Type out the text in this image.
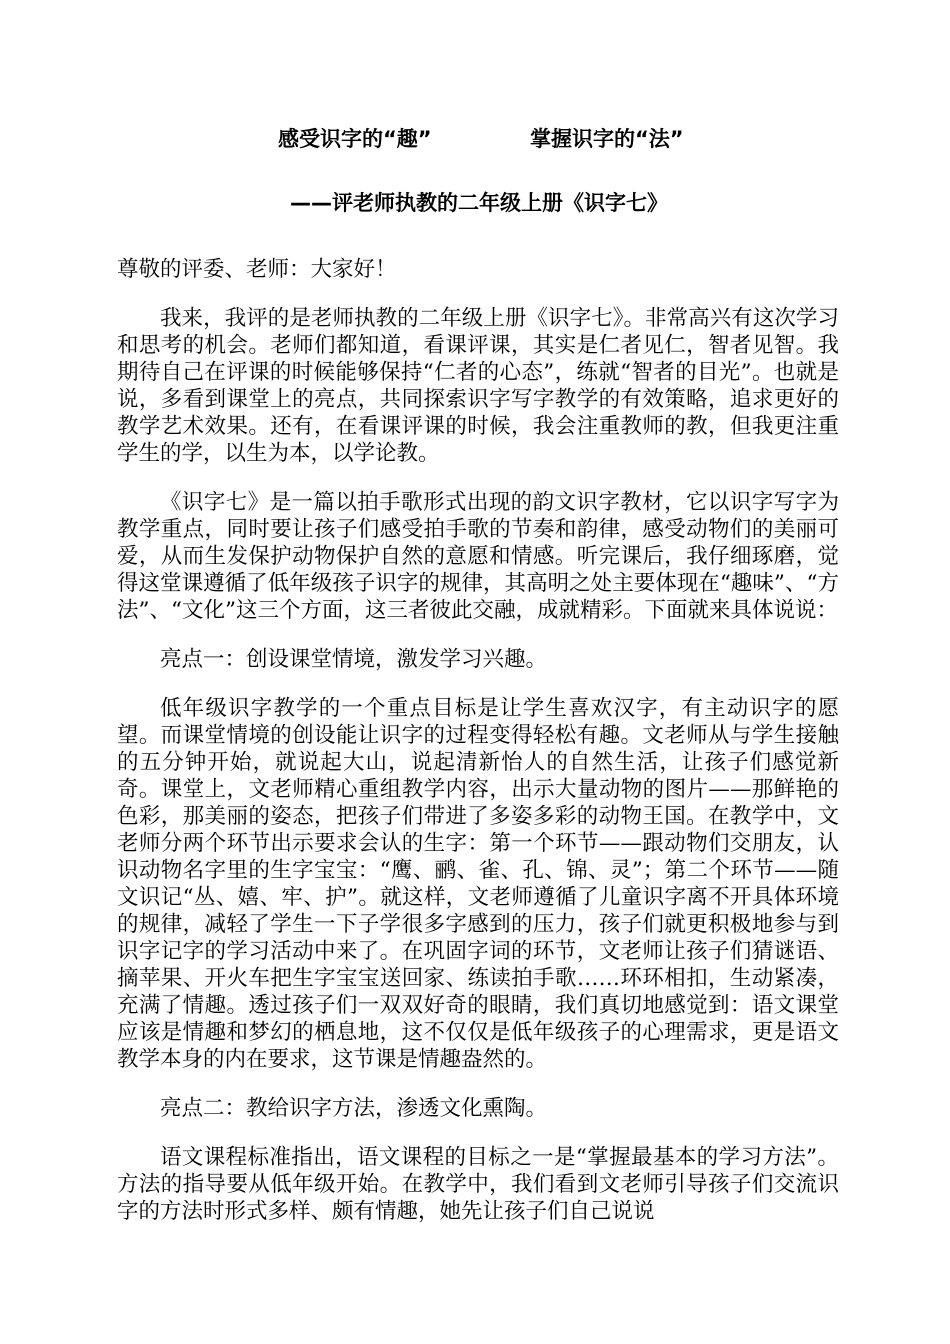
感受识字的“趣”	掌握识字的“法”
——评老师执教的二年级上册《识字七》

尊敬的评委、老师：大家好！

我来，我评的是老师执教的二年级上册《识字七》。非常高兴有这次学习和思考的机会。老师们都知道，看课评课，其实是仁者见仁，智者见智。我期待自己在评课的时候能够保持“仁者的心态”，练就“智者的目光”。也就是说，多看到课堂上的亮点，共同探索识字写字教学的有效策略，追求更好的教学艺术效果。还有，在看课评课的时候，我会注重教师的教，但我更注重学生的学，以生为本，以学论教。

《识字七》是一篇以拍手歌形式出现的韵文识字教材，它以识字写字为教学重点，同时要让孩子们感受拍手歌的节奏和韵律，感受动物们的美丽可爱，从而生发保护动物保护自然的意愿和情感。听完课后，我仔细琢磨，觉得这堂课遵循了低年级孩子识字的规律，其高明之处主要体现在“趣味”、“方法”、“文化”这三个方面，这三者彼此交融，成就精彩。下面就来具体说说：

亮点一：创设课堂情境，激发学习兴趣。

低年级识字教学的一个重点目标是让学生喜欢汉字，有主动识字的愿望。而课堂情境的创设能让识字的过程变得轻松有趣。文老师从与学生接触的五分钟开始，就说起大山，说起清新怡人的自然生活，让孩子们感觉新奇。课堂上，文老师精心重组教学内容，出示大量动物的图片——那鲜艳的色彩，那美丽的姿态，把孩子们带进了多姿多彩的动物王国。在教学中，文老师分两个环节出示要求会认的生字：第一个环节——跟动物们交朋友，认识动物名字里的生字宝宝：“鹰、鹂、雀、孔、锦、灵”；第二个环节——随文识记“丛、嬉、牢、护”。就这样，文老师遵循了儿童识字离不开具体环境的规律，减轻了学生一下子学很多字感到的压力，孩子们就更积极地参与到识字记字的学习活动中来了。在巩固字词的环节，文老师让孩子们猜谜语、摘苹果、开火车把生字宝宝送回家、练读拍手歌……环环相扣，生动紧凑，充满了情趣。透过孩子们一双双好奇的眼睛，我们真切地感觉到：语文课堂应该是情趣和梦幻的栖息地，这不仅仅是低年级孩子的心理需求，更是语文教学本身的内在要求，这节课是情趣盎然的。

亮点二：教给识字方法，渗透文化熏陶。

语文课程标准指出，语文课程的目标之一是“掌握最基本的学习方法”。方法的指导要从低年级开始。在教学中，我们看到文老师引导孩子们交流识字的方法时形式多样、颇有情趣，她先让孩子们自己说说
